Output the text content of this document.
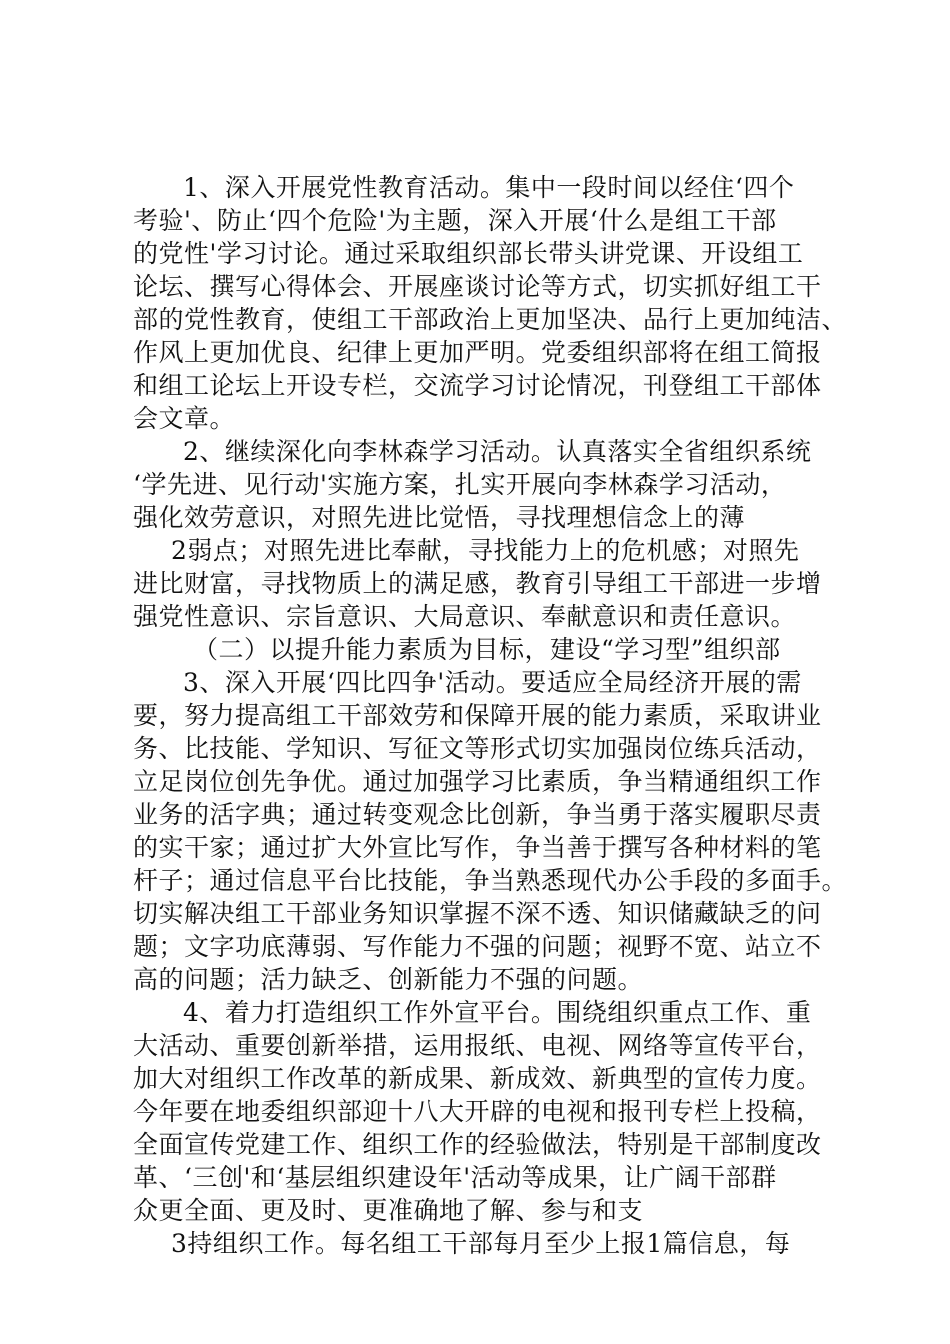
1、深入开展党性教育活动。集中一段时间以经住‘四个
考验'、防止‘四个危险'为主题，深入开展‘什么是组工干部
的党性'学习讨论。通过采取组织部长带头讲党课、开设组工
论坛、撰写心得体会、开展座谈讨论等方式，切实抓好组工干
部的党性教育，使组工干部政治上更加坚决、品行上更加纯洁、
作风上更加优良、纪律上更加严明。党委组织部将在组工简报
和组工论坛上开设专栏，交流学习讨论情况，刊登组工干部体
会文章。
2、继续深化向李林森学习活动。认真落实全省组织系统
‘学先进、见行动'实施方案，扎实开展向李林森学习活动，
强化效劳意识，对照先进比觉悟，寻找理想信念上的薄
2弱点；对照先进比奉献，寻找能力上的危机感；对照先
进比财富，寻找物质上的满足感，教育引导组工干部进一步增
强党性意识、宗旨意识、大局意识、奉献意识和责任意识。
（二）以提升能力素质为目标，建设“学习型”组织部
3、深入开展‘四比四争'活动。要适应全局经济开展的需
要，努力提高组工干部效劳和保障开展的能力素质，采取讲业
务、比技能、学知识、写征文等形式切实加强岗位练兵活动，
立足岗位创先争优。通过加强学习比素质，争当精通组织工作
业务的活字典；通过转变观念比创新，争当勇于落实履职尽责
的实干家；通过扩大外宣比写作，争当善于撰写各种材料的笔
杆子；通过信息平台比技能，争当熟悉现代办公手段的多面手。
切实解决组工干部业务知识掌握不深不透、知识储藏缺乏的问
题；文字功底薄弱、写作能力不强的问题；视野不宽、站立不
高的问题；活力缺乏、创新能力不强的问题。
4、着力打造组织工作外宣平台。围绕组织重点工作、重
大活动、重要创新举措，运用报纸、电视、网络等宣传平台，
加大对组织工作改革的新成果、新成效、新典型的宣传力度。
今年要在地委组织部迎十八大开辟的电视和报刊专栏上投稿，
全面宣传党建工作、组织工作的经验做法，特别是干部制度改
革、‘三创'和‘基层组织建设年'活动等成果，让广阔干部群
众更全面、更及时、更准确地了解、参与和支
3持组织工作。每名组工干部每月至少上报1篇信息，每
